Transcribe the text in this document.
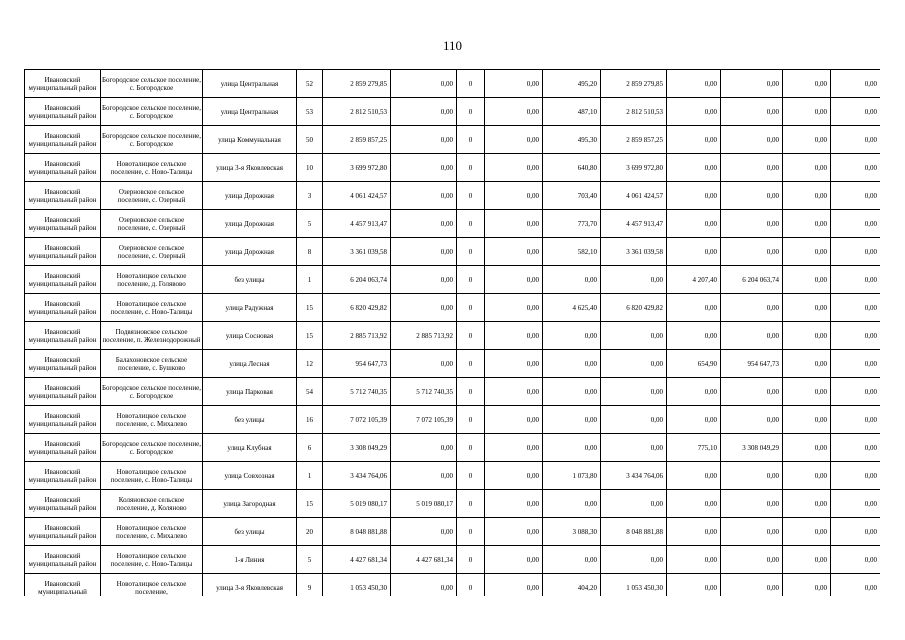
110
Ивановский муниципальный район	Богородское сельское поселение, с. Богородское	улица Центральная	52	2 859 279,85	0,00	0	0,00	495,20	2 859 279,85	0,00	0,00	0,00	0,00
Ивановский муниципальный район	Богородское сельское поселение, с. Богородское	улица Центральная	53	2 812 510,53	0,00	0	0,00	487,10	2 812 510,53	0,00	0,00	0,00	0,00
Ивановский муниципальный район	Богородское сельское поселение, с. Богородское	улица Коммунальная	50	2 859 857,25	0,00	0	0,00	495,30	2 859 857,25	0,00	0,00	0,00	0,00
Ивановский муниципальный район	Новоталицкое сельское поселение, с. Ново-Талицы	улица 3-я Яковлевская	10	3 699 972,80	0,00	0	0,00	640,80	3 699 972,80	0,00	0,00	0,00	0,00
Ивановский муниципальный район	Озерновское сельское поселение, с. Озерный	улица Дорожная	3	4 061 424,57	0,00	0	0,00	703,40	4 061 424,57	0,00	0,00	0,00	0,00
Ивановский муниципальный район	Озерновское сельское поселение, с. Озерный	улица Дорожная	5	4 457 913,47	0,00	0	0,00	773,70	4 457 913,47	0,00	0,00	0,00	0,00
Ивановский муниципальный район	Озерновское сельское поселение, с. Озерный	улица Дорожная	8	3 361 039,58	0,00	0	0,00	582,10	3 361 039,58	0,00	0,00	0,00	0,00
Ивановский муниципальный район	Новоталицкое сельское поселение, д. Голявово	без улицы	1	6 204 063,74	0,00	0	0,00	0,00	0,00	4 207,40	6 204 063,74	0,00	0,00
Ивановский муниципальный район	Новоталицкое сельское поселение, с. Ново-Талицы	улица Радужная	15	6 820 429,82	0,00	0	0,00	4 625,40	6 820 429,82	0,00	0,00	0,00	0,00
Ивановский муниципальный район	Подвязновское сельское поселение, п. Железнодорожный	улица Сосновая	15	2 885 713,92	2 885 713,92	0	0,00	0,00	0,00	0,00	0,00	0,00	0,00
Ивановский муниципальный район	Балахоновское сельское поселение, с. Бушково	улица Лесная	12	954 647,73	0,00	0	0,00	0,00	0,00	654,90	954 647,73	0,00	0,00
Ивановский муниципальный район	Богородское сельское поселение, с. Богородское	улица Парковая	54	5 712 740,35	5 712 740,35	0	0,00	0,00	0,00	0,00	0,00	0,00	0,00
Ивановский муниципальный район	Новоталицкое сельское поселение, с. Михалево	без улицы	16	7 072 105,39	7 072 105,39	0	0,00	0,00	0,00	0,00	0,00	0,00	0,00
Ивановский муниципальный район	Богородское сельское поселение, с. Богородское	улица Клубная	6	3 308 049,29	0,00	0	0,00	0,00	0,00	775,10	3 308 049,29	0,00	0,00
Ивановский муниципальный район	Новоталицкое сельское поселение, с. Ново-Талицы	улица Совхозная	1	3 434 764,06	0,00	0	0,00	1 073,80	3 434 764,06	0,00	0,00	0,00	0,00
Ивановский муниципальный район	Коляновское сельское поселение, д. Коляново	улица Загородная	15	5 019 080,17	5 019 080,17	0	0,00	0,00	0,00	0,00	0,00	0,00	0,00
Ивановский муниципальный район	Новоталицкое сельское поселение, с. Михалево	без улицы	20	8 048 881,88	0,00	0	0,00	3 088,30	8 048 881,88	0,00	0,00	0,00	0,00
Ивановский муниципальный район	Новоталицкое сельское поселение, с. Ново-Талицы	1-я Линия	5	4 427 681,34	4 427 681,34	0	0,00	0,00	0,00	0,00	0,00	0,00	0,00
Ивановский муниципальный	Новоталицкое сельское поселение,	улица 3-я Яковлевская	9	1 053 450,30	0,00	0	0,00	404,20	1 053 450,30	0,00	0,00	0,00	0,00
